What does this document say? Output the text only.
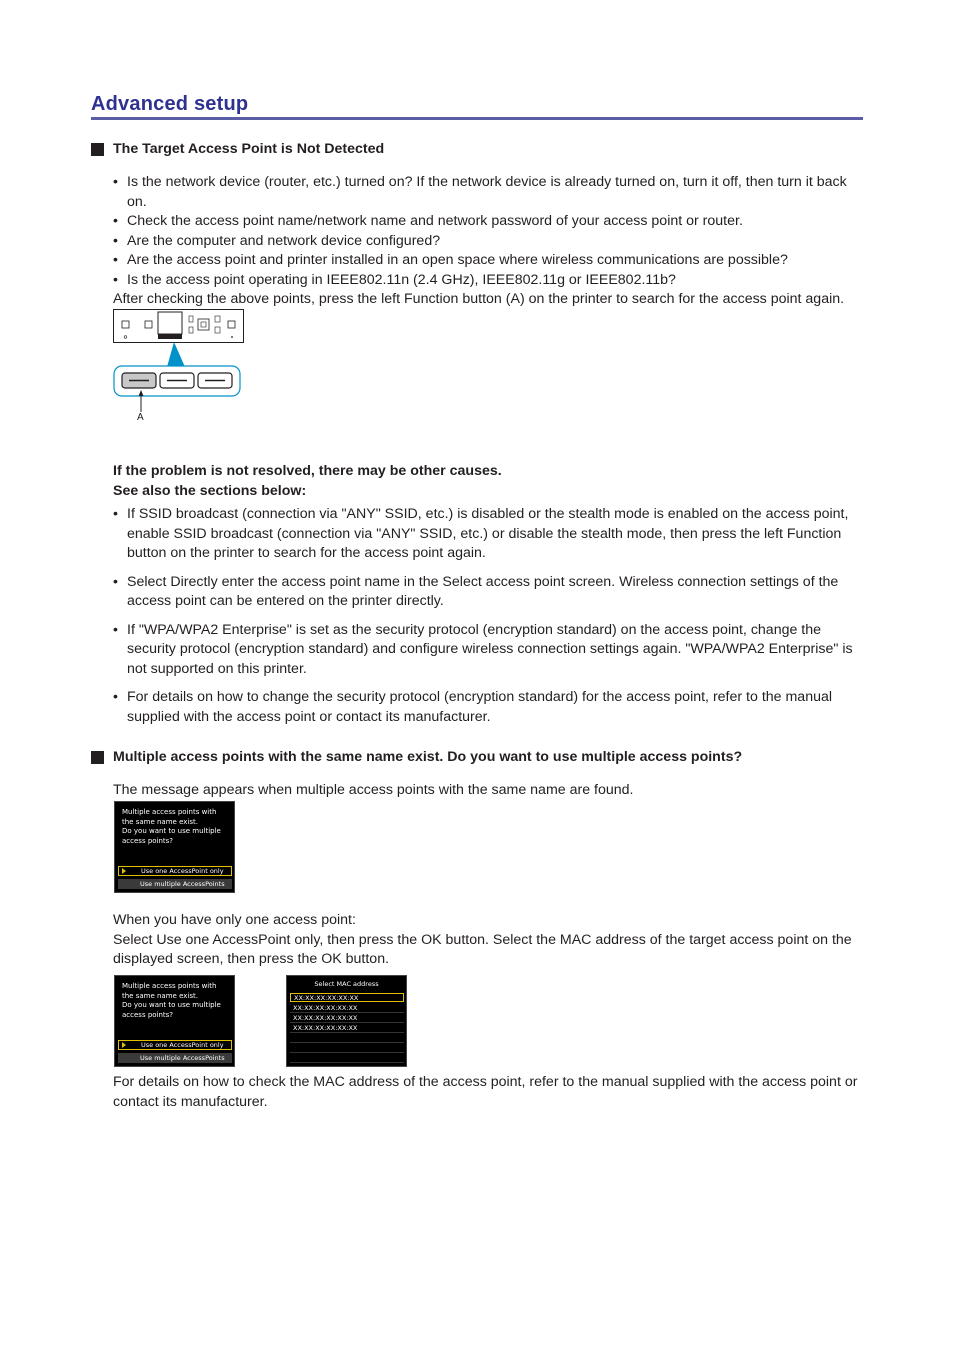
Advanced setup
The Target Access Point is Not Detected
• Is the network device (router, etc.) turned on? If the network device is already turned on, turn it off, then turn it back on.
• Check the access point name/network name and network password of your access point or router.
• Are the computer and network device configured?
• Are the access point and printer installed in an open space where wireless communications are possible?
• Is the access point operating in IEEE802.11n (2.4 GHz), IEEE802.11g or IEEE802.11b?
After checking the above points, press the left Function button (A) on the printer to search for the access point again.
A
If the problem is not resolved, there may be other causes.
See also the sections below:
• If SSID broadcast (connection via "ANY" SSID, etc.) is disabled or the stealth mode is enabled on the access point, enable SSID broadcast (connection via "ANY" SSID, etc.) or disable the stealth mode, then press the left Function button on the printer to search for the access point again.
• Select Directly enter the access point name in the Select access point screen. Wireless connection settings of the access point can be entered on the printer directly.
• If "WPA/WPA2 Enterprise" is set as the security protocol (encryption standard) on the access point, change the security protocol (encryption standard) and configure wireless connection settings again. "WPA/WPA2 Enterprise" is not supported on this printer.
• For details on how to change the security protocol (encryption standard) for the access point, refer to the manual supplied with the access point or contact its manufacturer.
Multiple access points with the same name exist. Do you want to use multiple access points?
The message appears when multiple access points with the same name are found.
Multiple access points with
the same name exist.
Do you want to use multiple
access points?
Use one AccessPoint only
Use multiple AccessPoints
When you have only one access point:
Select Use one AccessPoint only, then press the OK button. Select the MAC address of the target access point on the displayed screen, then press the OK button.
Multiple access points with
the same name exist.
Do you want to use multiple
access points?
Use one AccessPoint only
Use multiple AccessPoints
Select MAC address
XX:XX:XX:XX:XX:XX
XX:XX:XX:XX:XX:XX
XX:XX:XX:XX:XX:XX
XX:XX:XX:XX:XX:XX
For details on how to check the MAC address of the access point, refer to the manual supplied with the access point or contact its manufacturer.
